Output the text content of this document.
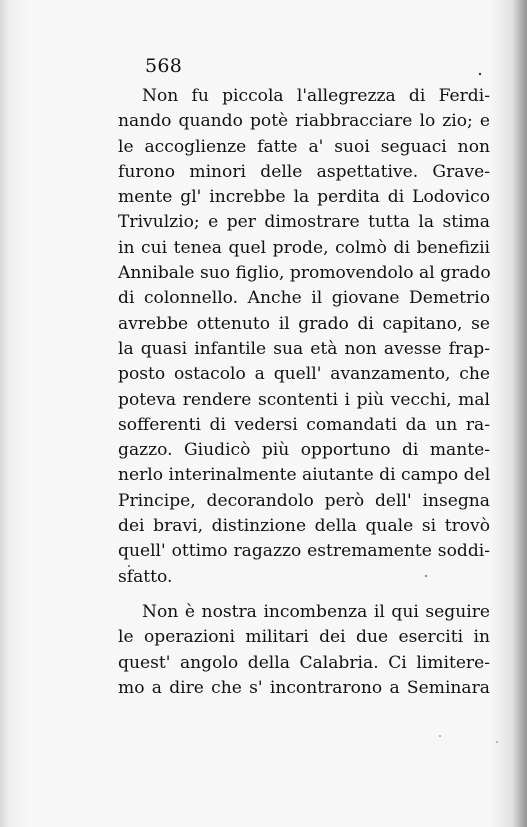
568

Non fu piccola l'allegrezza di Ferdi-
nando quando potè riabbracciare lo zio; e
le accoglienze fatte a' suoi seguaci non
furono minori delle aspettative. Grave-
mente gl' increbbe la perdita di Lodovico
Trivulzio; e per dimostrare tutta la stima
in cui tenea quel prode, colmò di benefizii
Annibale suo figlio, promovendolo al grado
di colonnello. Anche il giovane Demetrio
avrebbe ottenuto il grado di capitano, se
la quasi infantile sua età non avesse frap-
posto ostacolo a quell' avanzamento, che
poteva rendere scontenti i più vecchi, mal
sofferenti di vedersi comandati da un ra-
gazzo. Giudicò più opportuno di mante-
nerlo interinalmente aiutante di campo del
Principe, decorandolo però dell' insegna
dei bravi, distinzione della quale si trovò
quell' ottimo ragazzo estremamente soddi-
sfatto.

Non è nostra incombenza il qui seguire
le operazioni militari dei due eserciti in
quest' angolo della Calabria. Ci limitere-
mo a dire che s' incontrarono a Seminara
